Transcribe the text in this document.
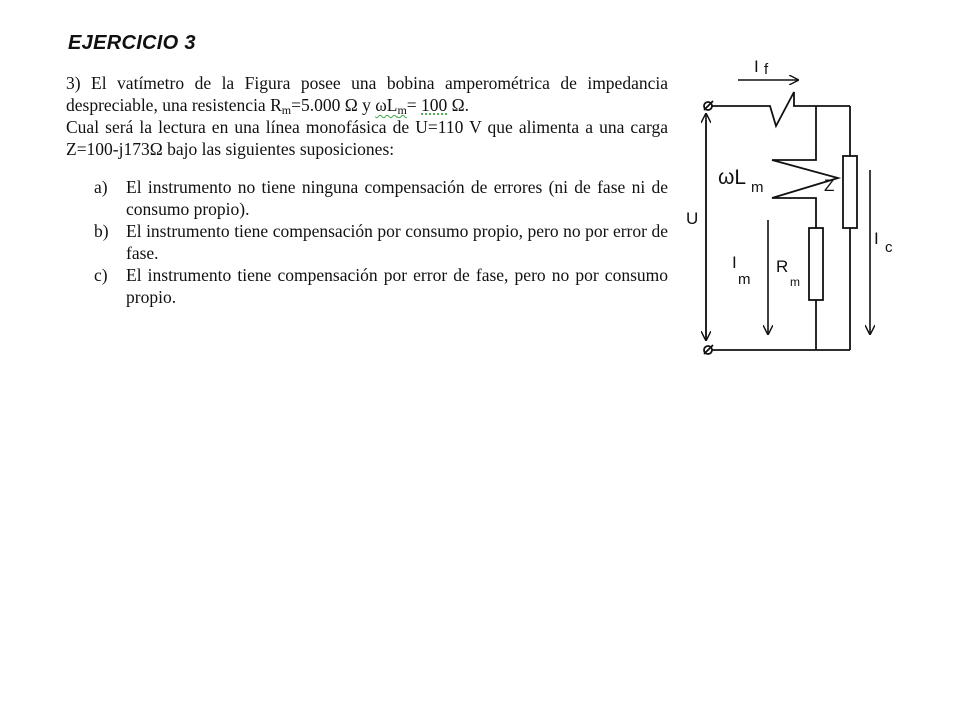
EJERCICIO 3
3) El vatímetro de la Figura posee una bobina amperométrica de impedancia despreciable, una resistencia $R_m=5.000$ Ω y $\omega L_m= 100$ Ω.
Cual será la lectura en una línea monofásica de U=110 V que alimenta a una carga Z=100-j173Ω bajo las siguientes suposiciones:
a) El instrumento no tiene ninguna compensación de errores (ni de fase ni de consumo propio).
b) El instrumento tiene compensación por consumo propio, pero no por error de fase.
c) El instrumento tiene compensación por error de fase, pero no por consumo propio.
I f
ωL m	Z
U
I c
I
m
R
m
